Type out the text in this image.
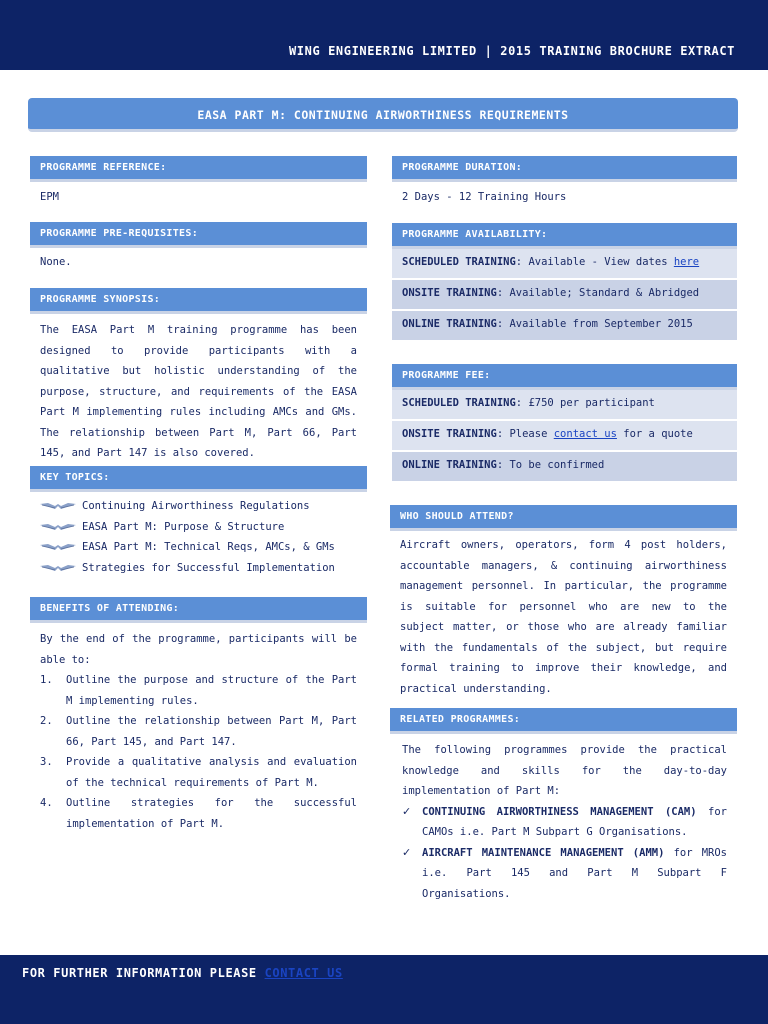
WING ENGINEERING LIMITED | 2015 TRAINING BROCHURE EXTRACT
EASA PART M: CONTINUING AIRWORTHINESS REQUIREMENTS
PROGRAMME REFERENCE:
EPM
PROGRAMME PRE-REQUISITES:
None.
PROGRAMME SYNOPSIS:
The EASA Part M training programme has been designed to provide participants with a qualitative but holistic understanding of the purpose, structure, and requirements of the EASA Part M implementing rules including AMCs and GMs. The relationship between Part M, Part 66, Part 145, and Part 147 is also covered.
KEY TOPICS:
Continuing Airworthiness Regulations
EASA Part M: Purpose & Structure
EASA Part M: Technical Reqs, AMCs, & GMs
Strategies for Successful Implementation
BENEFITS OF ATTENDING:
By the end of the programme, participants will be able to:
1.	Outline the purpose and structure of the Part M implementing rules.
2.	Outline the relationship between Part M, Part 66, Part 145, and Part 147.
3.	Provide a qualitative analysis and evaluation of the technical requirements of Part M.
4.	Outline strategies for the successful implementation of Part M.
PROGRAMME DURATION:
2 Days - 12 Training Hours
PROGRAMME AVAILABILITY:
SCHEDULED TRAINING: Available - View dates here
ONSITE TRAINING: Available; Standard & Abridged
ONLINE TRAINING: Available from September 2015
PROGRAMME FEE:
SCHEDULED TRAINING: £750 per participant
ONSITE TRAINING: Please contact us for a quote
ONLINE TRAINING: To be confirmed
WHO SHOULD ATTEND?
Aircraft owners, operators, form 4 post holders, accountable managers, & continuing airworthiness management personnel. In particular, the programme is suitable for personnel who are new to the subject matter, or those who are already familiar with the fundamentals of the subject, but require formal training to improve their knowledge, and practical understanding.
RELATED PROGRAMMES:
The following programmes provide the practical knowledge and skills for the day-to-day implementation of Part M:
✓	CONTINUING AIRWORTHINESS MANAGEMENT (CAM) for CAMOs i.e. Part M Subpart G Organisations.
✓	AIRCRAFT MAINTENANCE MANAGEMENT (AMM) for MROs i.e. Part 145 and Part M Subpart F Organisations.
FOR FURTHER INFORMATION PLEASE CONTACT US
